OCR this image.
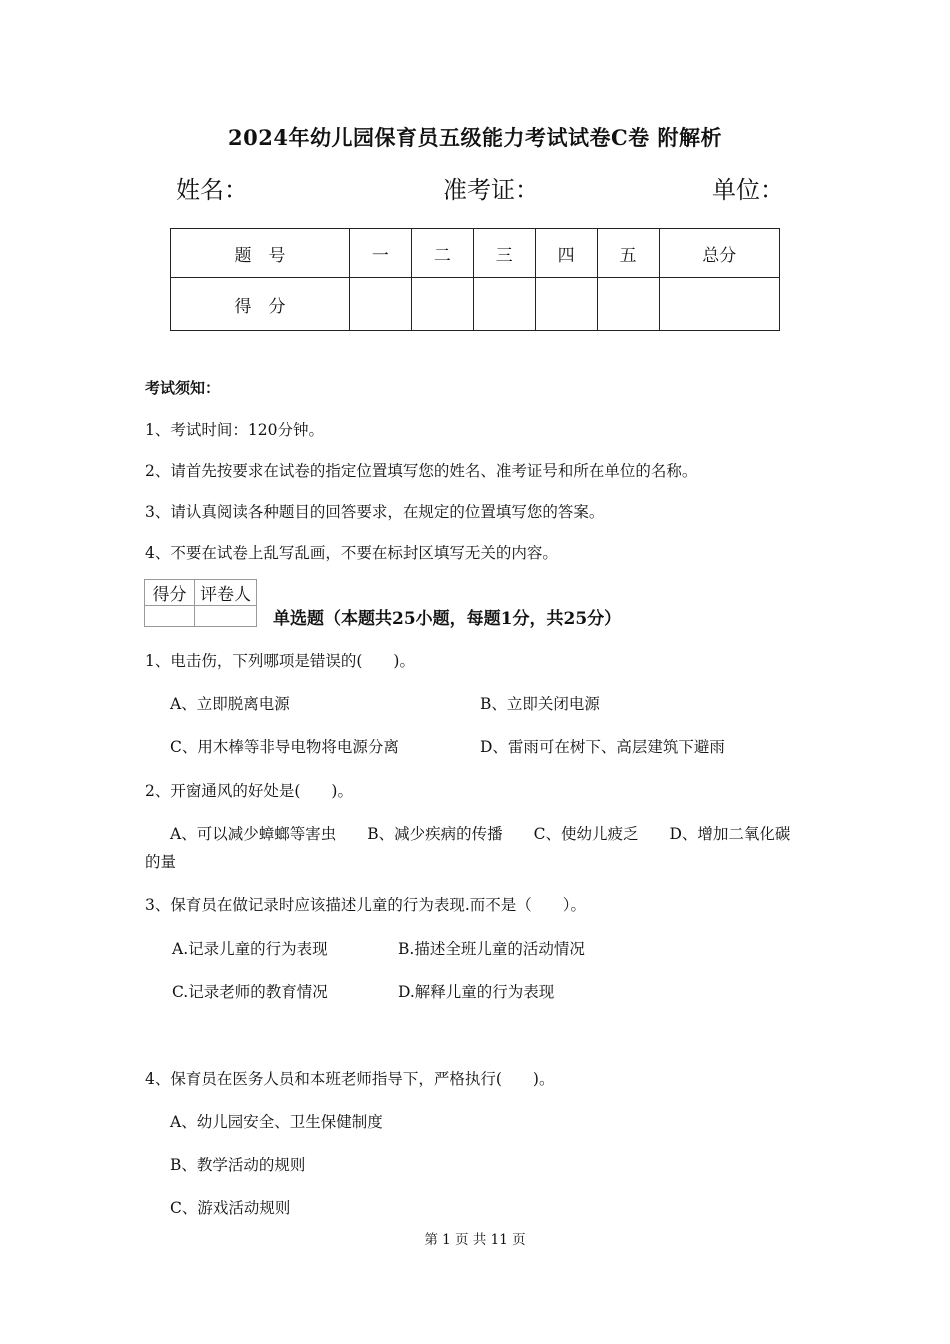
2024年幼儿园保育员五级能力考试试卷C卷 附解析
姓名：	准考证：	单位：
题　号	一	二	三	四	五	总分
得　分						
考试须知：
1、考试时间：120分钟。
2、请首先按要求在试卷的指定位置填写您的姓名、准考证号和所在单位的名称。
3、请认真阅读各种题目的回答要求，在规定的位置填写您的答案。
4、不要在试卷上乱写乱画，不要在标封区填写无关的内容。
得分	评卷人

单选题（本题共25小题，每题1分，共25分）
1、电击伤，下列哪项是错误的(　　)。
A、立即脱离电源	B、立即关闭电源
C、用木棒等非导电物将电源分离	D、雷雨可在树下、高层建筑下避雨
2、开窗通风的好处是(　　)。
A、可以减少蟑螂等害虫　　B、减少疾病的传播　　C、使幼儿疲乏　　D、增加二氧化碳
的量
3、保育员在做记录时应该描述儿童的行为表现.而不是（　　）。
A.记录儿童的行为表现	B.描述全班儿童的活动情况
C.记录老师的教育情况	D.解释儿童的行为表现
4、保育员在医务人员和本班老师指导下，严格执行(　　)。
A、幼儿园安全、卫生保健制度
B、教学活动的规则
C、游戏活动规则
第 1 页 共 11 页
